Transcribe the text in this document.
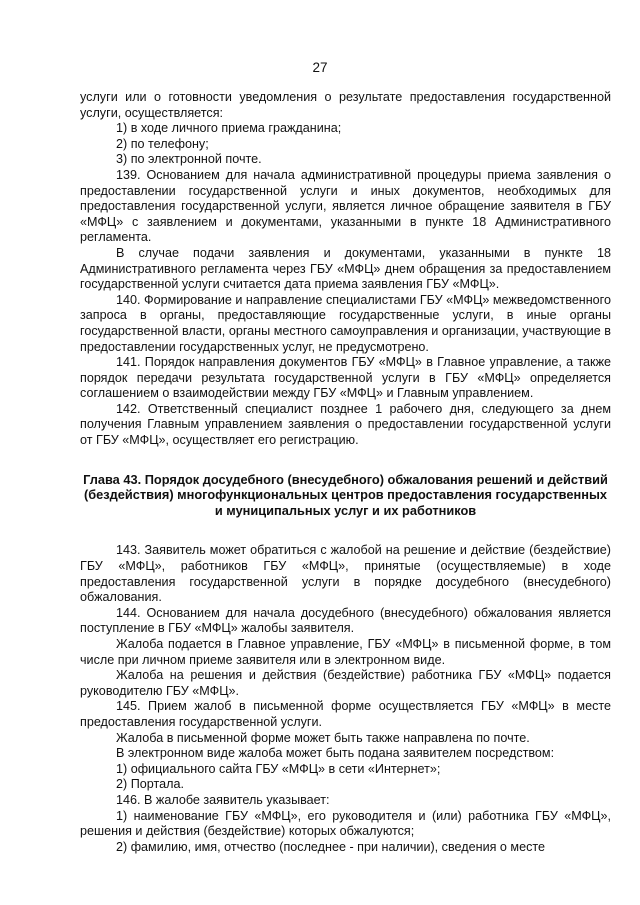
27

услуги или о готовности уведомления о результате предоставления государственной услуги, осуществляется:

1) в ходе личного приема гражданина;

2) по телефону;

3) по электронной почте.

139. Основанием для начала административной процедуры приема заявления о предоставлении государственной услуги и иных документов, необходимых для предоставления государственной услуги, является личное обращение заявителя в ГБУ «МФЦ» с заявлением и документами, указанными в пункте 18 Административного регламента.

В случае подачи заявления и документами, указанными в пункте 18 Административного регламента через ГБУ «МФЦ» днем обращения за предоставлением государственной услуги считается дата приема заявления ГБУ «МФЦ».

140. Формирование и направление специалистами ГБУ «МФЦ» межведомственного запроса в органы, предоставляющие государственные услуги, в иные органы государственной власти, органы местного самоуправления и организации, участвующие в предоставлении государственных услуг, не предусмотрено.

141. Порядок направления документов ГБУ «МФЦ» в Главное управление, а также порядок передачи результата государственной услуги в ГБУ «МФЦ» определяется соглашением о взаимодействии между ГБУ «МФЦ» и Главным управлением.

142. Ответственный специалист позднее 1 рабочего дня, следующего за днем получения Главным управлением заявления о предоставлении государственной услуги от ГБУ «МФЦ», осуществляет его регистрацию.

Глава 43. Порядок досудебного (внесудебного) обжалования решений и действий (бездействия) многофункциональных центров предоставления государственных и муниципальных услуг и их работников

143. Заявитель может обратиться с жалобой на решение и действие (бездействие) ГБУ «МФЦ», работников ГБУ «МФЦ», принятые (осуществляемые) в ходе предоставления государственной услуги в порядке досудебного (внесудебного) обжалования.

144. Основанием для начала досудебного (внесудебного) обжалования является поступление в ГБУ «МФЦ» жалобы заявителя.

Жалоба подается в Главное управление, ГБУ «МФЦ» в письменной форме, в том числе при личном приеме заявителя или в электронном виде.

Жалоба на решения и действия (бездействие) работника ГБУ «МФЦ» подается руководителю ГБУ «МФЦ».

145. Прием жалоб в письменной форме осуществляется ГБУ «МФЦ» в месте предоставления государственной услуги.

Жалоба в письменной форме может быть также направлена по почте.

В электронном виде жалоба может быть подана заявителем посредством:

1) официального сайта ГБУ «МФЦ» в сети «Интернет»;

2) Портала.

146. В жалобе заявитель указывает:

1) наименование ГБУ «МФЦ», его руководителя и (или) работника ГБУ «МФЦ», решения и действия (бездействие) которых обжалуются;

2) фамилию, имя, отчество (последнее - при наличии), сведения о месте
